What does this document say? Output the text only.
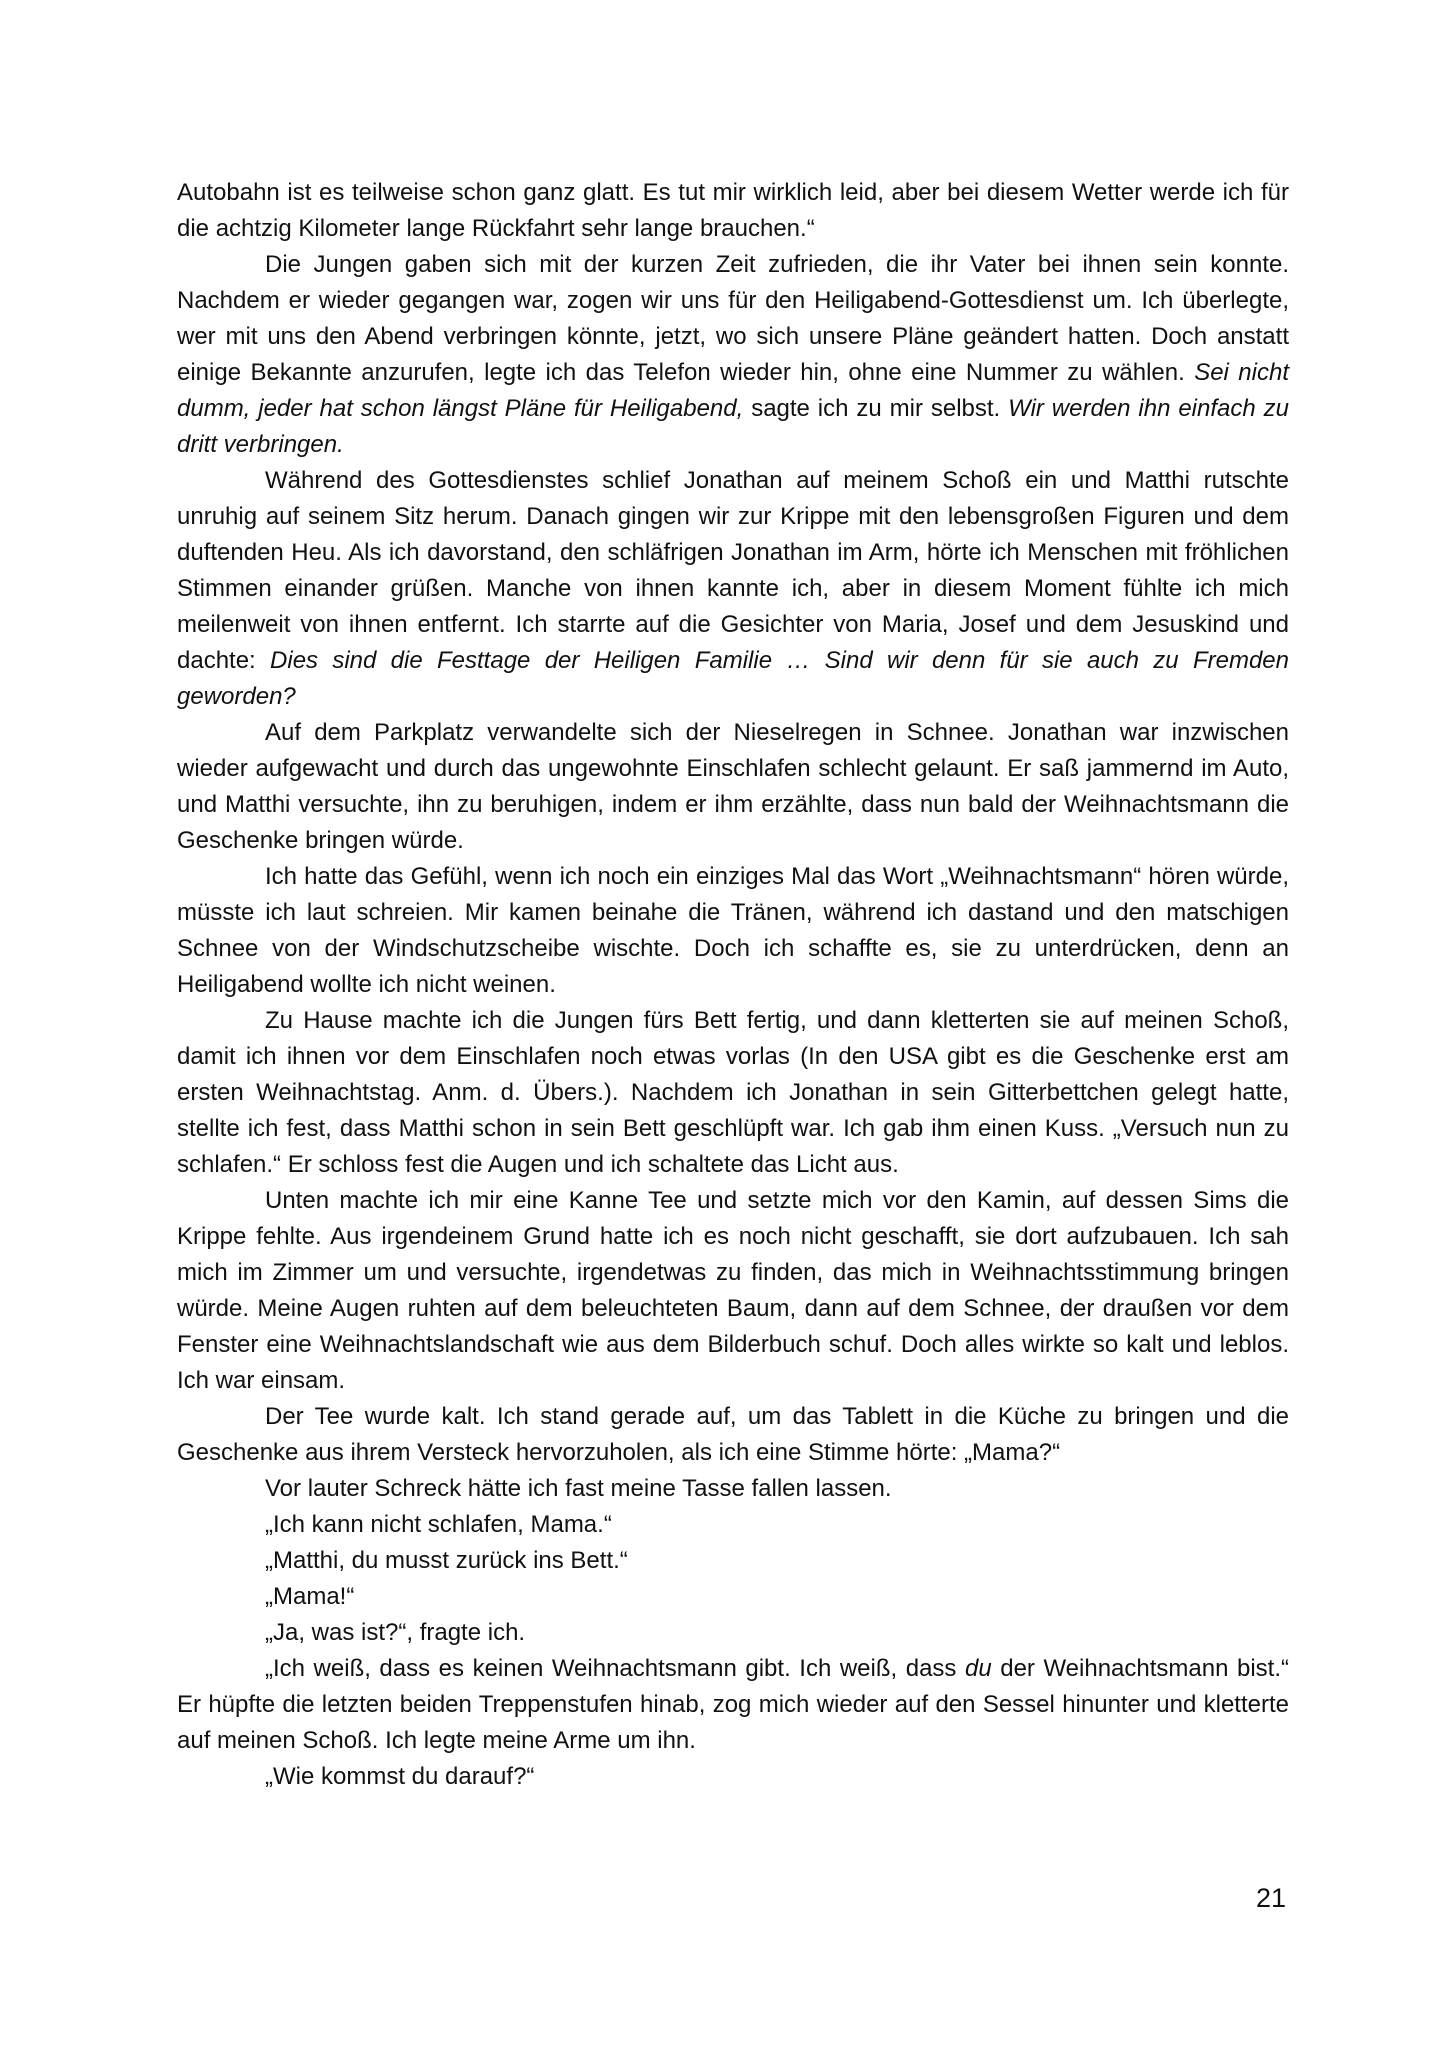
Autobahn ist es teilweise schon ganz glatt. Es tut mir wirklich leid, aber bei diesem Wetter werde ich für die achtzig Kilometer lange Rückfahrt sehr lange brauchen.“

Die Jungen gaben sich mit der kurzen Zeit zufrieden, die ihr Vater bei ihnen sein konnte. Nachdem er wieder gegangen war, zogen wir uns für den Heiligabend-Gottesdienst um. Ich überlegte, wer mit uns den Abend verbringen könnte, jetzt, wo sich unsere Pläne geändert hatten. Doch anstatt einige Bekannte anzurufen, legte ich das Telefon wieder hin, ohne eine Nummer zu wählen. Sei nicht dumm, jeder hat schon längst Pläne für Heiligabend, sagte ich zu mir selbst. Wir werden ihn einfach zu dritt verbringen.

Während des Gottesdienstes schlief Jonathan auf meinem Schoß ein und Matthi rutschte unruhig auf seinem Sitz herum. Danach gingen wir zur Krippe mit den lebensgroßen Figuren und dem duftenden Heu. Als ich davorstand, den schläfrigen Jonathan im Arm, hörte ich Menschen mit fröhlichen Stimmen einander grüßen. Manche von ihnen kannte ich, aber in diesem Moment fühlte ich mich meilenweit von ihnen entfernt. Ich starrte auf die Gesichter von Maria, Josef und dem Jesuskind und dachte: Dies sind die Festtage der Heiligen Familie … Sind wir denn für sie auch zu Fremden geworden?

Auf dem Parkplatz verwandelte sich der Nieselregen in Schnee. Jonathan war inzwischen wieder aufgewacht und durch das ungewohnte Einschlafen schlecht gelaunt. Er saß jammernd im Auto, und Matthi versuchte, ihn zu beruhigen, indem er ihm erzählte, dass nun bald der Weihnachtsmann die Geschenke bringen würde.

Ich hatte das Gefühl, wenn ich noch ein einziges Mal das Wort „Weihnachtsmann“ hören würde, müsste ich laut schreien. Mir kamen beinahe die Tränen, während ich dastand und den matschigen Schnee von der Windschutzscheibe wischte. Doch ich schaffte es, sie zu unterdrücken, denn an Heiligabend wollte ich nicht weinen.

Zu Hause machte ich die Jungen fürs Bett fertig, und dann kletterten sie auf meinen Schoß, damit ich ihnen vor dem Einschlafen noch etwas vorlas (In den USA gibt es die Geschenke erst am ersten Weihnachtstag. Anm. d. Übers.). Nachdem ich Jonathan in sein Gitterbettchen gelegt hatte, stellte ich fest, dass Matthi schon in sein Bett geschlüpft war. Ich gab ihm einen Kuss. „Versuch nun zu schlafen.“ Er schloss fest die Augen und ich schaltete das Licht aus.

Unten machte ich mir eine Kanne Tee und setzte mich vor den Kamin, auf dessen Sims die Krippe fehlte. Aus irgendeinem Grund hatte ich es noch nicht geschafft, sie dort aufzubauen. Ich sah mich im Zimmer um und versuchte, irgendetwas zu finden, das mich in Weihnachtsstimmung bringen würde. Meine Augen ruhten auf dem beleuchteten Baum, dann auf dem Schnee, der draußen vor dem Fenster eine Weihnachtslandschaft wie aus dem Bilderbuch schuf. Doch alles wirkte so kalt und leblos. Ich war einsam.

Der Tee wurde kalt. Ich stand gerade auf, um das Tablett in die Küche zu bringen und die Geschenke aus ihrem Versteck hervorzuholen, als ich eine Stimme hörte: „Mama?“

Vor lauter Schreck hätte ich fast meine Tasse fallen lassen.

„Ich kann nicht schlafen, Mama.“

„Matthi, du musst zurück ins Bett.“

„Mama!“

„Ja, was ist?“, fragte ich.

„Ich weiß, dass es keinen Weihnachtsmann gibt. Ich weiß, dass du der Weihnachtsmann bist.“ Er hüpfte die letzten beiden Treppenstufen hinab, zog mich wieder auf den Sessel hinunter und kletterte auf meinen Schoß. Ich legte meine Arme um ihn.

„Wie kommst du darauf?“

21
